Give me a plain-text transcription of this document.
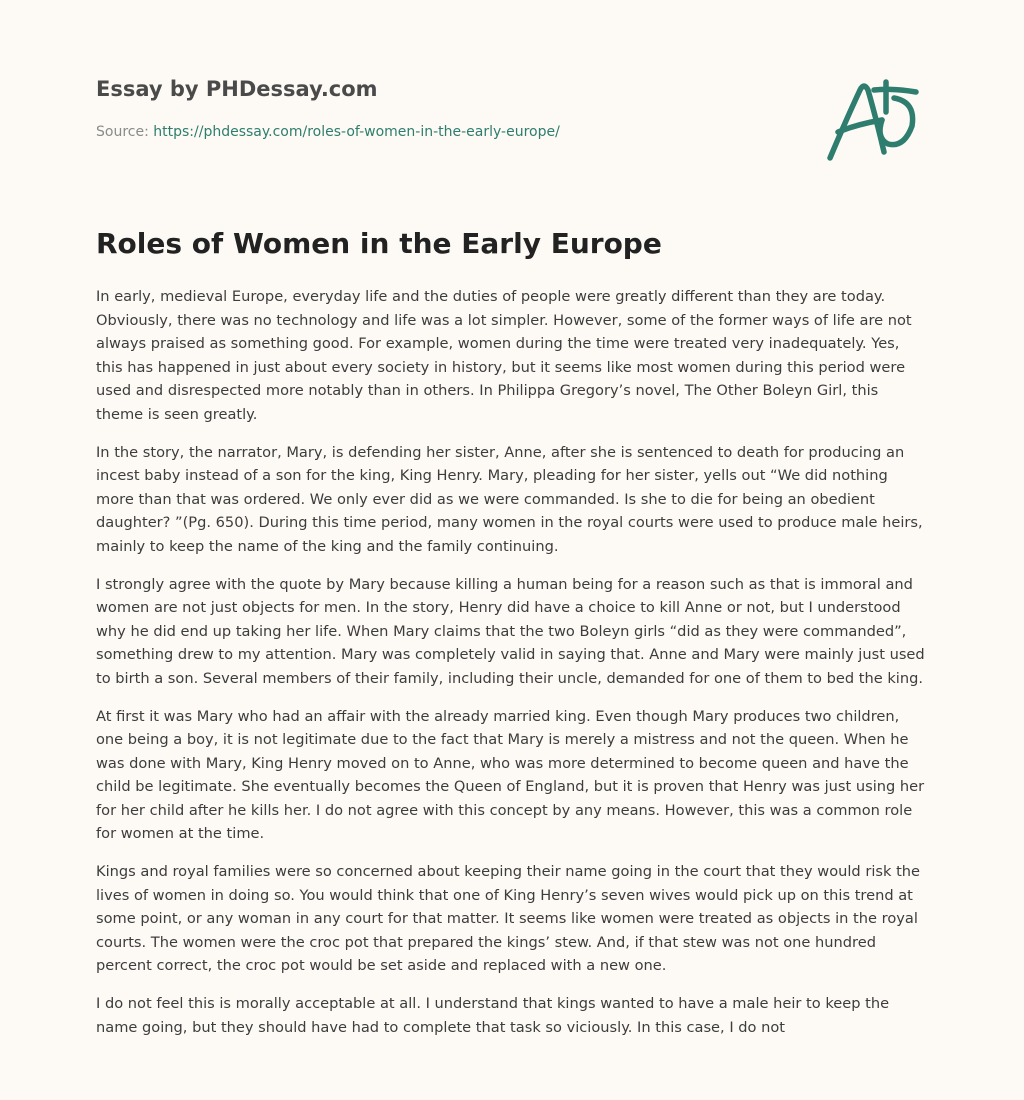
Essay by PHDessay.com
Source: https://phdessay.com/roles-of-women-in-the-early-europe/
Roles of Women in the Early Europe

In early, medieval Europe, everyday life and the duties of people were greatly different than they are today. Obviously, there was no technology and life was a lot simpler. However, some of the former ways of life are not always praised as something good. For example, women during the time were treated very inadequately. Yes, this has happened in just about every society in history, but it seems like most women during this period were used and disrespected more notably than in others. In Philippa Gregory’s novel, The Other Boleyn Girl, this theme is seen greatly.

In the story, the narrator, Mary, is defending her sister, Anne, after she is sentenced to death for producing an incest baby instead of a son for the king, King Henry. Mary, pleading for her sister, yells out “We did nothing more than that was ordered. We only ever did as we were commanded. Is she to die for being an obedient daughter? ”(Pg. 650). During this time period, many women in the royal courts were used to produce male heirs, mainly to keep the name of the king and the family continuing.

I strongly agree with the quote by Mary because killing a human being for a reason such as that is immoral and women are not just objects for men. In the story, Henry did have a choice to kill Anne or not, but I understood why he did end up taking her life. When Mary claims that the two Boleyn girls “did as they were commanded”, something drew to my attention. Mary was completely valid in saying that. Anne and Mary were mainly just used to birth a son. Several members of their family, including their uncle, demanded for one of them to bed the king.

At first it was Mary who had an affair with the already married king. Even though Mary produces two children, one being a boy, it is not legitimate due to the fact that Mary is merely a mistress and not the queen. When he was done with Mary, King Henry moved on to Anne, who was more determined to become queen and have the child be legitimate. She eventually becomes the Queen of England, but it is proven that Henry was just using her for her child after he kills her. I do not agree with this concept by any means. However, this was a common role for women at the time.

Kings and royal families were so concerned about keeping their name going in the court that they would risk the lives of women in doing so. You would think that one of King Henry’s seven wives would pick up on this trend at some point, or any woman in any court for that matter. It seems like women were treated as objects in the royal courts. The women were the croc pot that prepared the kings’ stew. And, if that stew was not one hundred percent correct, the croc pot would be set aside and replaced with a new one.

I do not feel this is morally acceptable at all. I understand that kings wanted to have a male heir to keep the name going, but they should have had to complete that task so viciously. In this case, I do not
